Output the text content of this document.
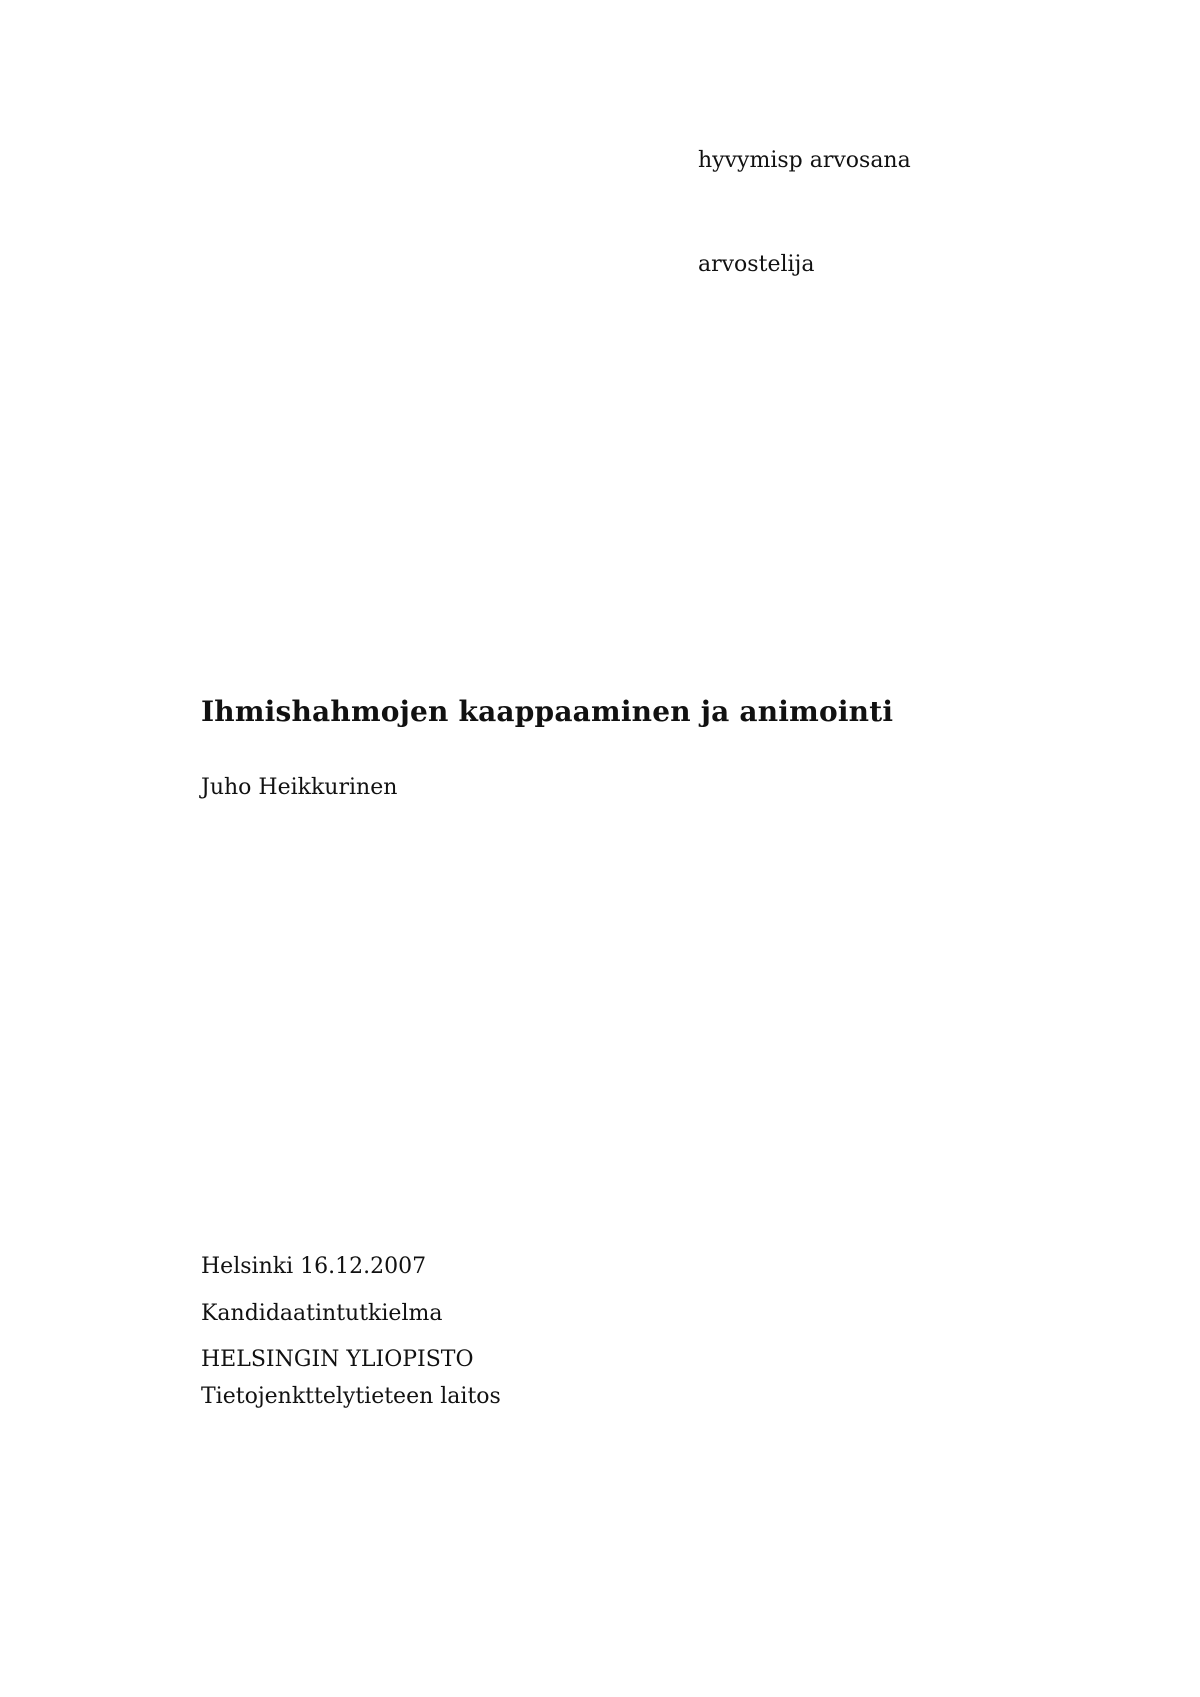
hyvymisp arvosana
arvostelija
Ihmishahmojen kaappaaminen ja animointi
Juho Heikkurinen
Helsinki 16.12.2007
Kandidaatintutkielma
HELSINGIN YLIOPISTO
Tietojenkttelytieteen laitos
